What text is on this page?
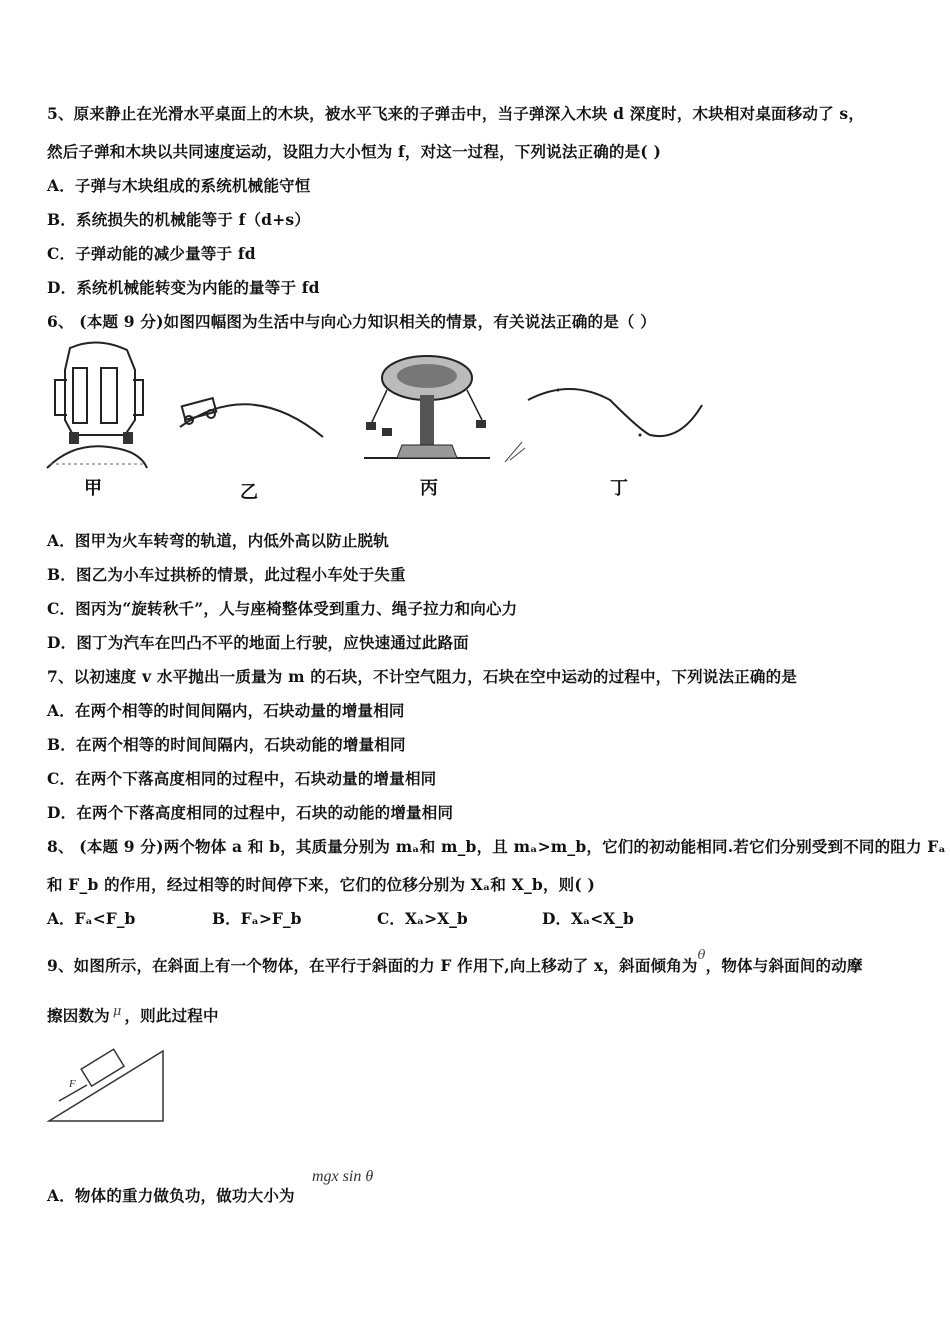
5、原来静止在光滑水平桌面上的木块，被水平飞来的子弹击中，当子弹深入木块 d 深度时，木块相对桌面移动了 s，
然后子弹和木块以共同速度运动，设阻力大小恒为 f，对这一过程，下列说法正确的是( )
A．子弹与木块组成的系统机械能守恒
B．系统损失的机械能等于 f（d+s）
C．子弹动能的减少量等于 fd
D．系统机械能转变为内能的量等于 fd
6、 (本题 9 分)如图四幅图为生活中与向心力知识相关的情景，有关说法正确的是（ ）
甲	乙	丙	丁
A．图甲为火车转弯的轨道，内低外高以防止脱轨
B．图乙为小车过拱桥的情景，此过程小车处于失重
C．图丙为“旋转秋千”，人与座椅整体受到重力、绳子拉力和向心力
D．图丁为汽车在凹凸不平的地面上行驶，应快速通过此路面
7、以初速度 v 水平抛出一质量为 m 的石块，不计空气阻力，石块在空中运动的过程中，下列说法正确的是
A．在两个相等的时间间隔内，石块动量的增量相同
B．在两个相等的时间间隔内，石块动能的增量相同
C．在两个下落高度相同的过程中，石块动量的增量相同
D．在两个下落高度相同的过程中，石块的动能的增量相同
8、 (本题 9 分)两个物体 a 和 b，其质量分别为 mₐ和 m_b，且 mₐ>m_b，它们的初动能相同.若它们分别受到不同的阻力 Fₐ
和 F_b 的作用，经过相等的时间停下来，它们的位移分别为 Xₐ和 X_b，则( )
A．Fₐ<F_b	B．Fₐ>F_b	C．Xₐ>X_b	D．Xₐ<X_b
9、如图所示，在斜面上有一个物体，在平行于斜面的力 F 作用下,向上移动了 x，斜面倾角为$^\theta$，物体与斜面间的动摩
擦因数为 $^\mu$ ，则此过程中
F
A．物体的重力做负功，做功大小为
mgx sin θ
